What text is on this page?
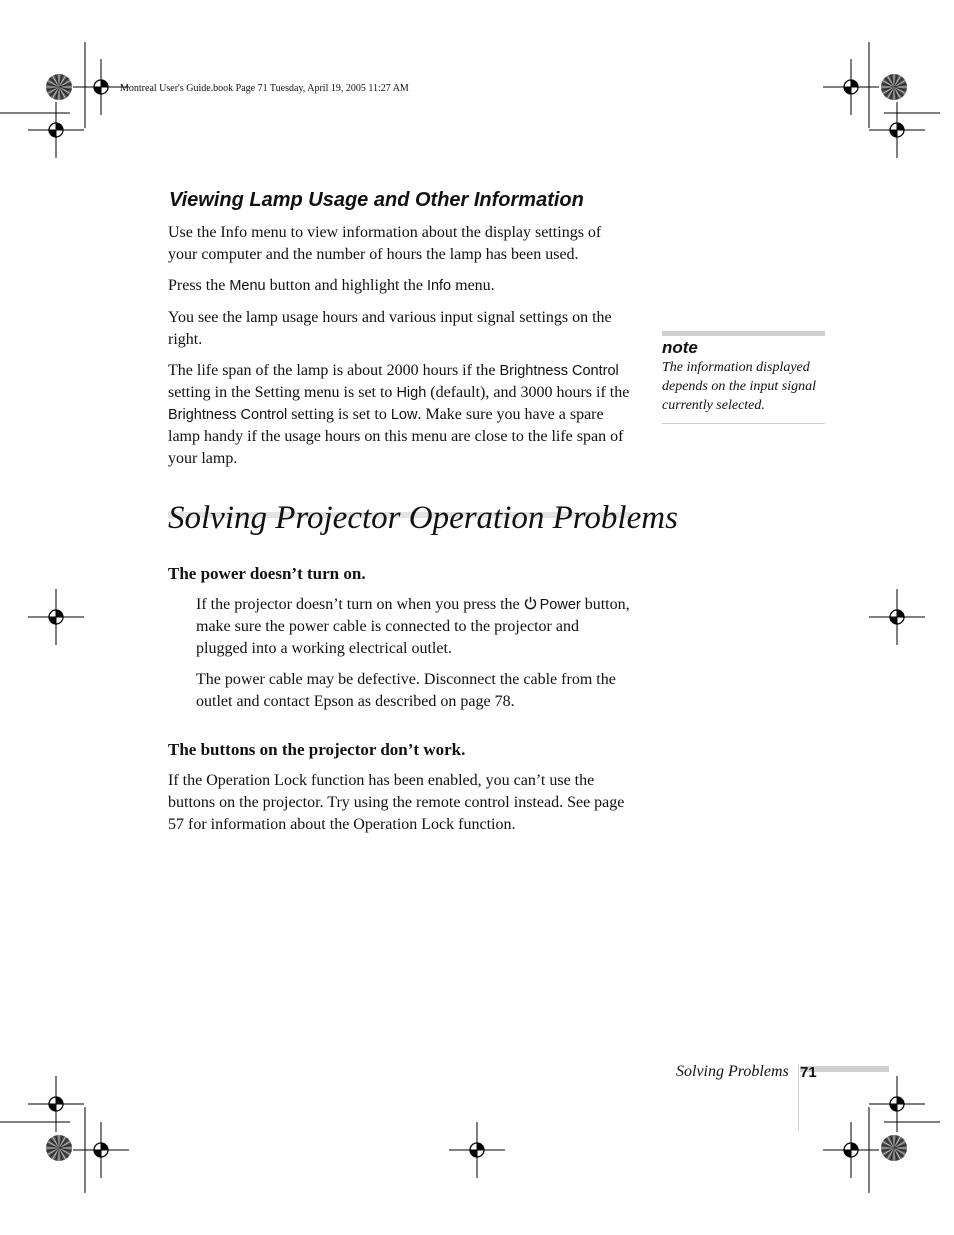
Montreal User's Guide.book Page 71 Tuesday, April 19, 2005 11:27 AM
Viewing Lamp Usage and Other Information
Use the Info menu to view information about the display settings of your computer and the number of hours the lamp has been used.
Press the Menu button and highlight the Info menu.
You see the lamp usage hours and various input signal settings on the right.
The life span of the lamp is about 2000 hours if the Brightness Control setting in the Setting menu is set to High (default), and 3000 hours if the Brightness Control setting is set to Low. Make sure you have a spare lamp handy if the usage hours on this menu are close to the life span of your lamp.
note
The information displayed depends on the input signal currently selected.
Solving Projector Operation Problems
The power doesn’t turn on.
If the projector doesn’t turn on when you press the Power button, make sure the power cable is connected to the projector and plugged into a working electrical outlet.
The power cable may be defective. Disconnect the cable from the outlet and contact Epson as described on page 78.
The buttons on the projector don’t work.
If the Operation Lock function has been enabled, you can’t use the buttons on the projector. Try using the remote control instead. See page 57 for information about the Operation Lock function.
Solving Problems 71
